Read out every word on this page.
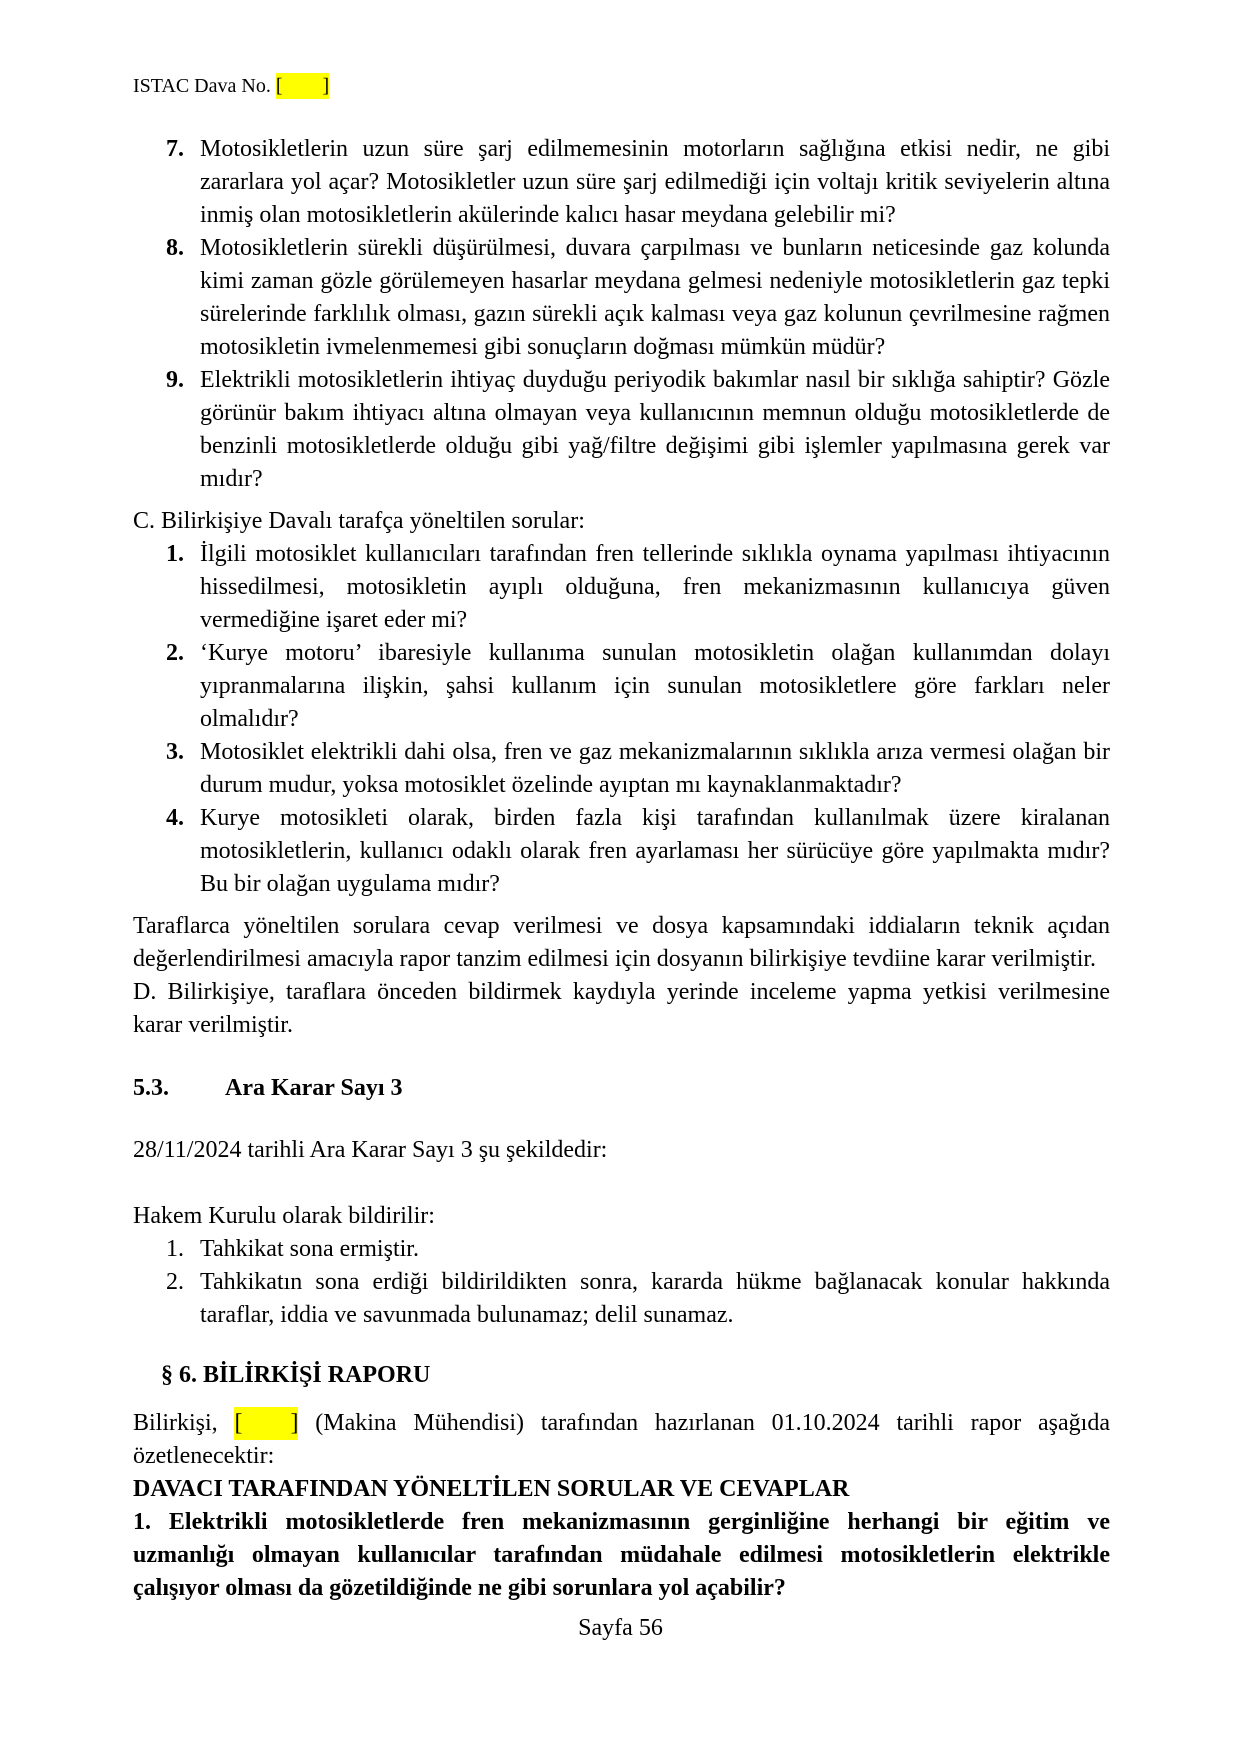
ISTAC Dava No. [        ]
7. Motosikletlerin uzun süre şarj edilmemesinin motorların sağlığına etkisi nedir, ne gibi zararlara yol açar? Motosikletler uzun süre şarj edilmediği için voltajı kritik seviyelerin altına inmiş olan motosikletlerin akülerinde kalıcı hasar meydana gelebilir mi?
8. Motosikletlerin sürekli düşürülmesi, duvara çarpılması ve bunların neticesinde gaz kolunda kimi zaman gözle görülemeyen hasarlar meydana gelmesi nedeniyle motosikletlerin gaz tepki sürelerinde farklılık olması, gazın sürekli açık kalması veya gaz kolunun çevrilmesine rağmen motosikletin ivmelenmemesi gibi sonuçların doğması mümkün müdür?
9. Elektrikli motosikletlerin ihtiyaç duyduğu periyodik bakımlar nasıl bir sıklığa sahiptir? Gözle görünür bakım ihtiyacı altına olmayan veya kullanıcının memnun olduğu motosikletlerde de benzinli motosikletlerde olduğu gibi yağ/filtre değişimi gibi işlemler yapılmasına gerek var mıdır?
C. Bilirkişiye Davalı tarafça yöneltilen sorular:
1. İlgili motosiklet kullanıcıları tarafından fren tellerinde sıklıkla oynama yapılması ihtiyacının hissedilmesi, motosikletin ayıplı olduğuna, fren mekanizmasının kullanıcıya güven vermediğine işaret eder mi?
2. ‘Kurye motoru’ ibaresiyle kullanıma sunulan motosikletin olağan kullanımdan dolayı yıpranmalarına ilişkin, şahsi kullanım için sunulan motosikletlere göre farkları neler olmalıdır?
3. Motosiklet elektrikli dahi olsa, fren ve gaz mekanizmalarının sıklıkla arıza vermesi olağan bir durum mudur, yoksa motosiklet özelinde ayıptan mı kaynaklanmaktadır?
4. Kurye motosikleti olarak, birden fazla kişi tarafından kullanılmak üzere kiralanan motosikletlerin, kullanıcı odaklı olarak fren ayarlaması her sürücüye göre yapılmakta mıdır? Bu bir olağan uygulama mıdır?
Taraflarca yöneltilen sorulara cevap verilmesi ve dosya kapsamındaki iddiaların teknik açıdan değerlendirilmesi amacıyla rapor tanzim edilmesi için dosyanın bilirkişiye tevdiine karar verilmiştir.
D. Bilirkişiye, taraflara önceden bildirmek kaydıyla yerinde inceleme yapma yetkisi verilmesine karar verilmiştir.
5.3.	Ara Karar Sayı 3
28/11/2024 tarihli Ara Karar Sayı 3 şu şekildedir:
Hakem Kurulu olarak bildirilir:
1. Tahkikat sona ermiştir.
2. Tahkikatın sona erdiği bildirildikten sonra, kararda hükme bağlanacak konular hakkında taraflar, iddia ve savunmada bulunamaz; delil sunamaz.
§ 6. BİLİRKİŞİ RAPORU
Bilirkişi, [        ] (Makina Mühendisi) tarafından hazırlanan 01.10.2024 tarihli rapor aşağıda özetlenecektir:
DAVACI TARAFINDAN YÖNELTİLEN SORULAR VE CEVAPLAR
1. Elektrikli motosikletlerde fren mekanizmasının gerginliğine herhangi bir eğitim ve uzmanlığı olmayan kullanıcılar tarafından müdahale edilmesi motosikletlerin elektrikle çalışıyor olması da gözetildiğinde ne gibi sorunlara yol açabilir?
Sayfa 56
